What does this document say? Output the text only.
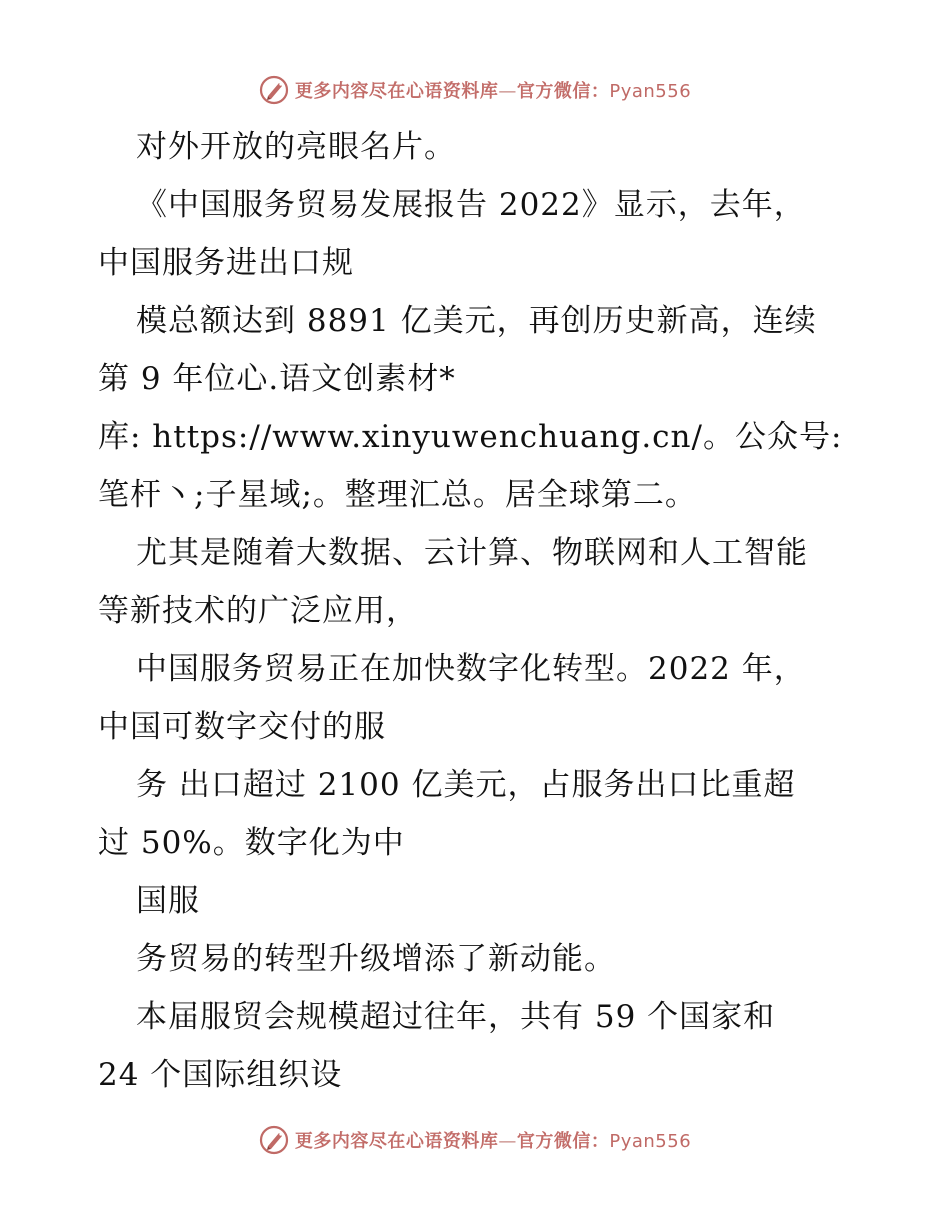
更多内容尽在心语资料库—官方微信：Pyan556
对外开放的亮眼名片。
《中国服务贸易发展报告 2022》显示，去年，
中国服务进出口规
模总额达到 8891 亿美元，再创历史新高，连续
第 9 年位心.语文创素材*
库: https://www.xinyuwenchuang.cn/。公众号:
笔杆丶;子星域;。整理汇总。居全球第二。
尤其是随着大数据、云计算、物联网和人工智能
等新技术的广泛应用，
中国服务贸易正在加快数字化转型。2022 年，
中国可数字交付的服
务 出口超过 2100 亿美元，占服务出口比重超
过 50%。数字化为中
国服
务贸易的转型升级增添了新动能。
本届服贸会规模超过往年，共有 59 个国家和
24 个国际组织设
更多内容尽在心语资料库—官方微信：Pyan556
